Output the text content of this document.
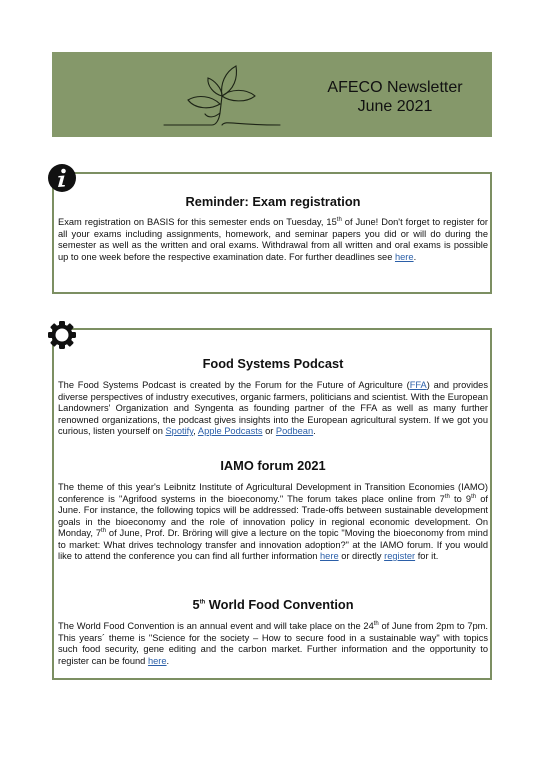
AFECO Newsletter
June 2021
Reminder: Exam registration

Exam registration on BASIS for this semester ends on Tuesday, 15th of June! Don't forget to register for all your exams including assignments, homework, and seminar papers you did or will do during the semester as well as the written and oral exams. Withdrawal from all written and oral exams is possible up to one week before the respective examination date. For further deadlines see here.

Food Systems Podcast

The Food Systems Podcast is created by the Forum for the Future of Agriculture (FFA) and provides diverse perspectives of industry executives, organic farmers, politicians and scientist. With the European Landowners' Organization and Syngenta as founding partner of the FFA as well as many further renowned organizations, the podcast gives insights into the European agricultural system. If we got you curious, listen yourself on Spotify, Apple Podcasts or Podbean.

IAMO forum 2021

The theme of this year's Leibnitz Institute of Agricultural Development in Transition Economies (IAMO) conference is "Agrifood systems in the bioeconomy." The forum takes place online from 7th to 9th of June. For instance, the following topics will be addressed: Trade-offs between sustainable development goals in the bioeconomy and the role of innovation policy in regional economic development. On Monday, 7th of June, Prof. Dr. Bröring will give a lecture on the topic "Moving the bioeconomy from mind to market: What drives technology transfer and innovation adoption?" at the IAMO forum. If you would like to attend the conference you can find all further information here or directly register for it.

5th World Food Convention

The World Food Convention is an annual event and will take place on the 24th of June from 2pm to 7pm. This years´ theme is "Science for the society – How to secure food in a sustainable way" with topics such food security, gene editing and the carbon market. Further information and the opportunity to register can be found here.
